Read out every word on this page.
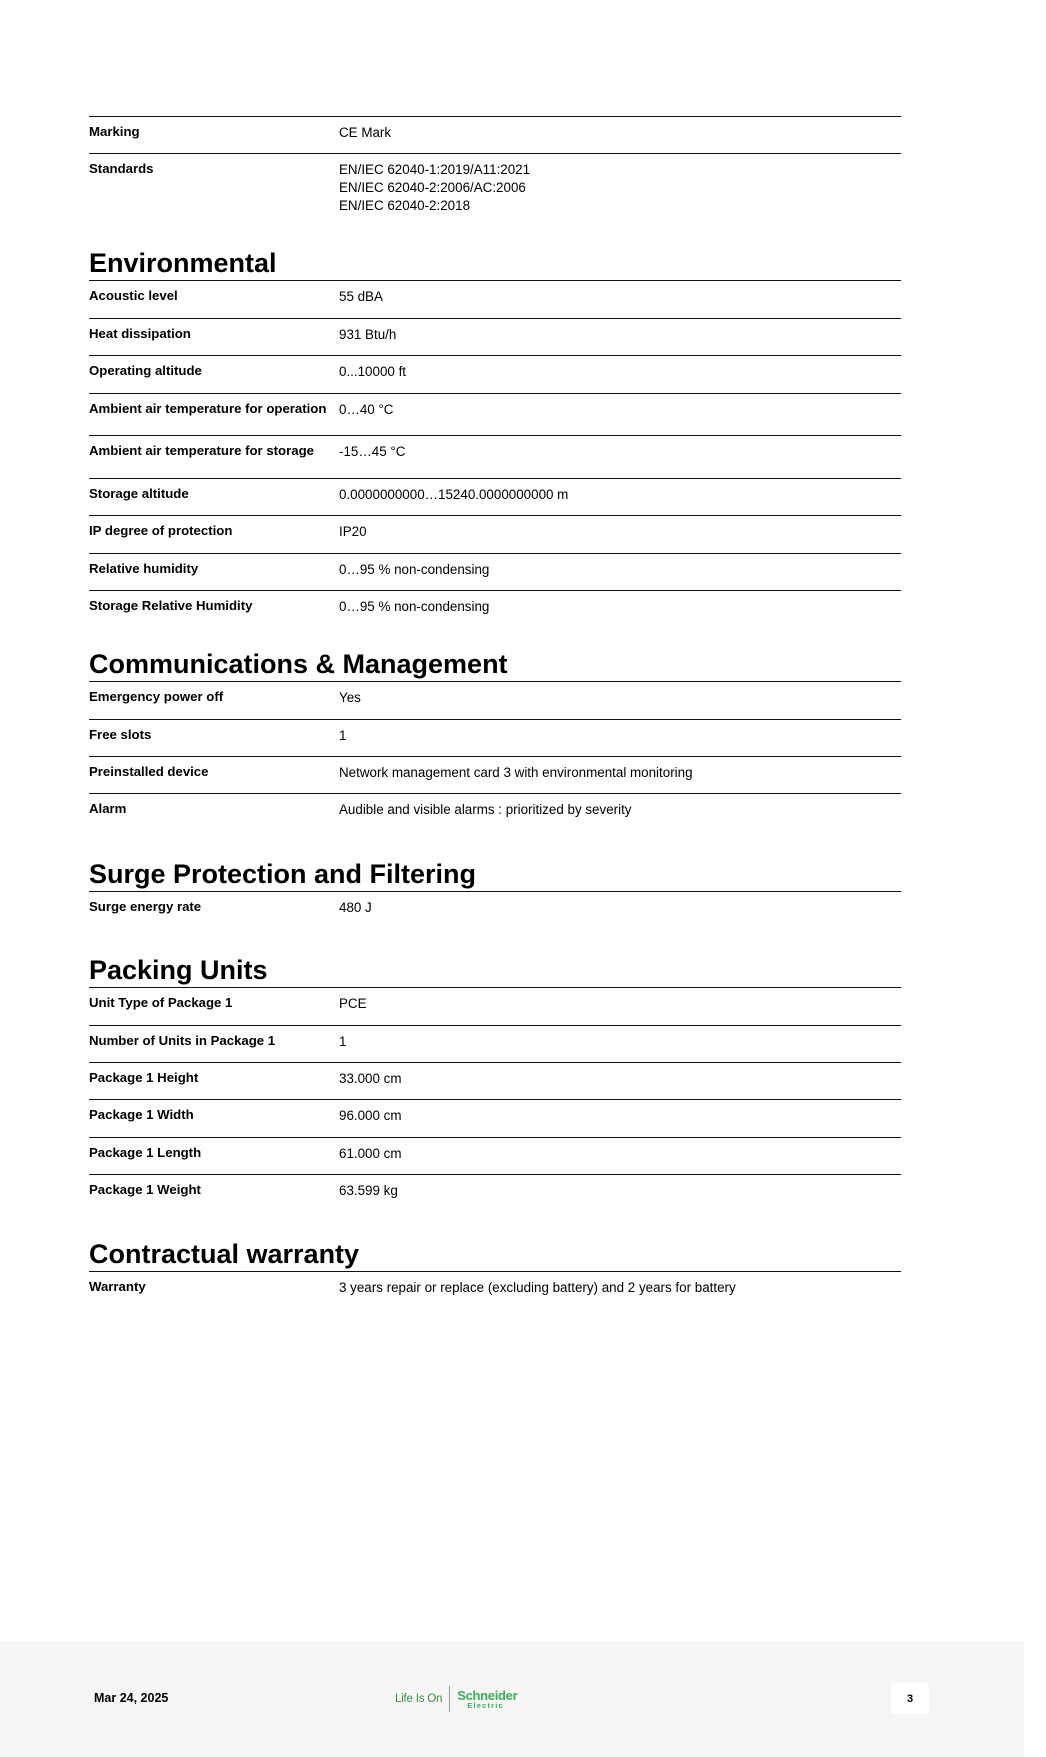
Marking	CE Mark
Standards	EN/IEC 62040-1:2019/A11:2021
EN/IEC 62040-2:2006/AC:2006
EN/IEC 62040-2:2018
Environmental
Acoustic level	55 dBA
Heat dissipation	931 Btu/h
Operating altitude	0...10000 ft
Ambient air temperature for operation 0…40 °C
Ambient air temperature for storage	-15…45 °C
Storage altitude	0.0000000000…15240.0000000000 m
IP degree of protection	IP20
Relative humidity	0…95 % non-condensing
Storage Relative Humidity	0…95 % non-condensing
Communications & Management
Emergency power off	Yes
Free slots	1
Preinstalled device	Network management card 3 with environmental monitoring
Alarm	Audible and visible alarms : prioritized by severity
Surge Protection and Filtering
Surge energy rate	480 J
Packing Units
Unit Type of Package 1	PCE
Number of Units in Package 1	1
Package 1 Height	33.000 cm
Package 1 Width	96.000 cm
Package 1 Length	61.000 cm
Package 1 Weight	63.599 kg
Contractual warranty
Warranty	3 years repair or replace (excluding battery) and 2 years for battery
Mar 24, 2025	Life Is On Schneider
Electric
3
